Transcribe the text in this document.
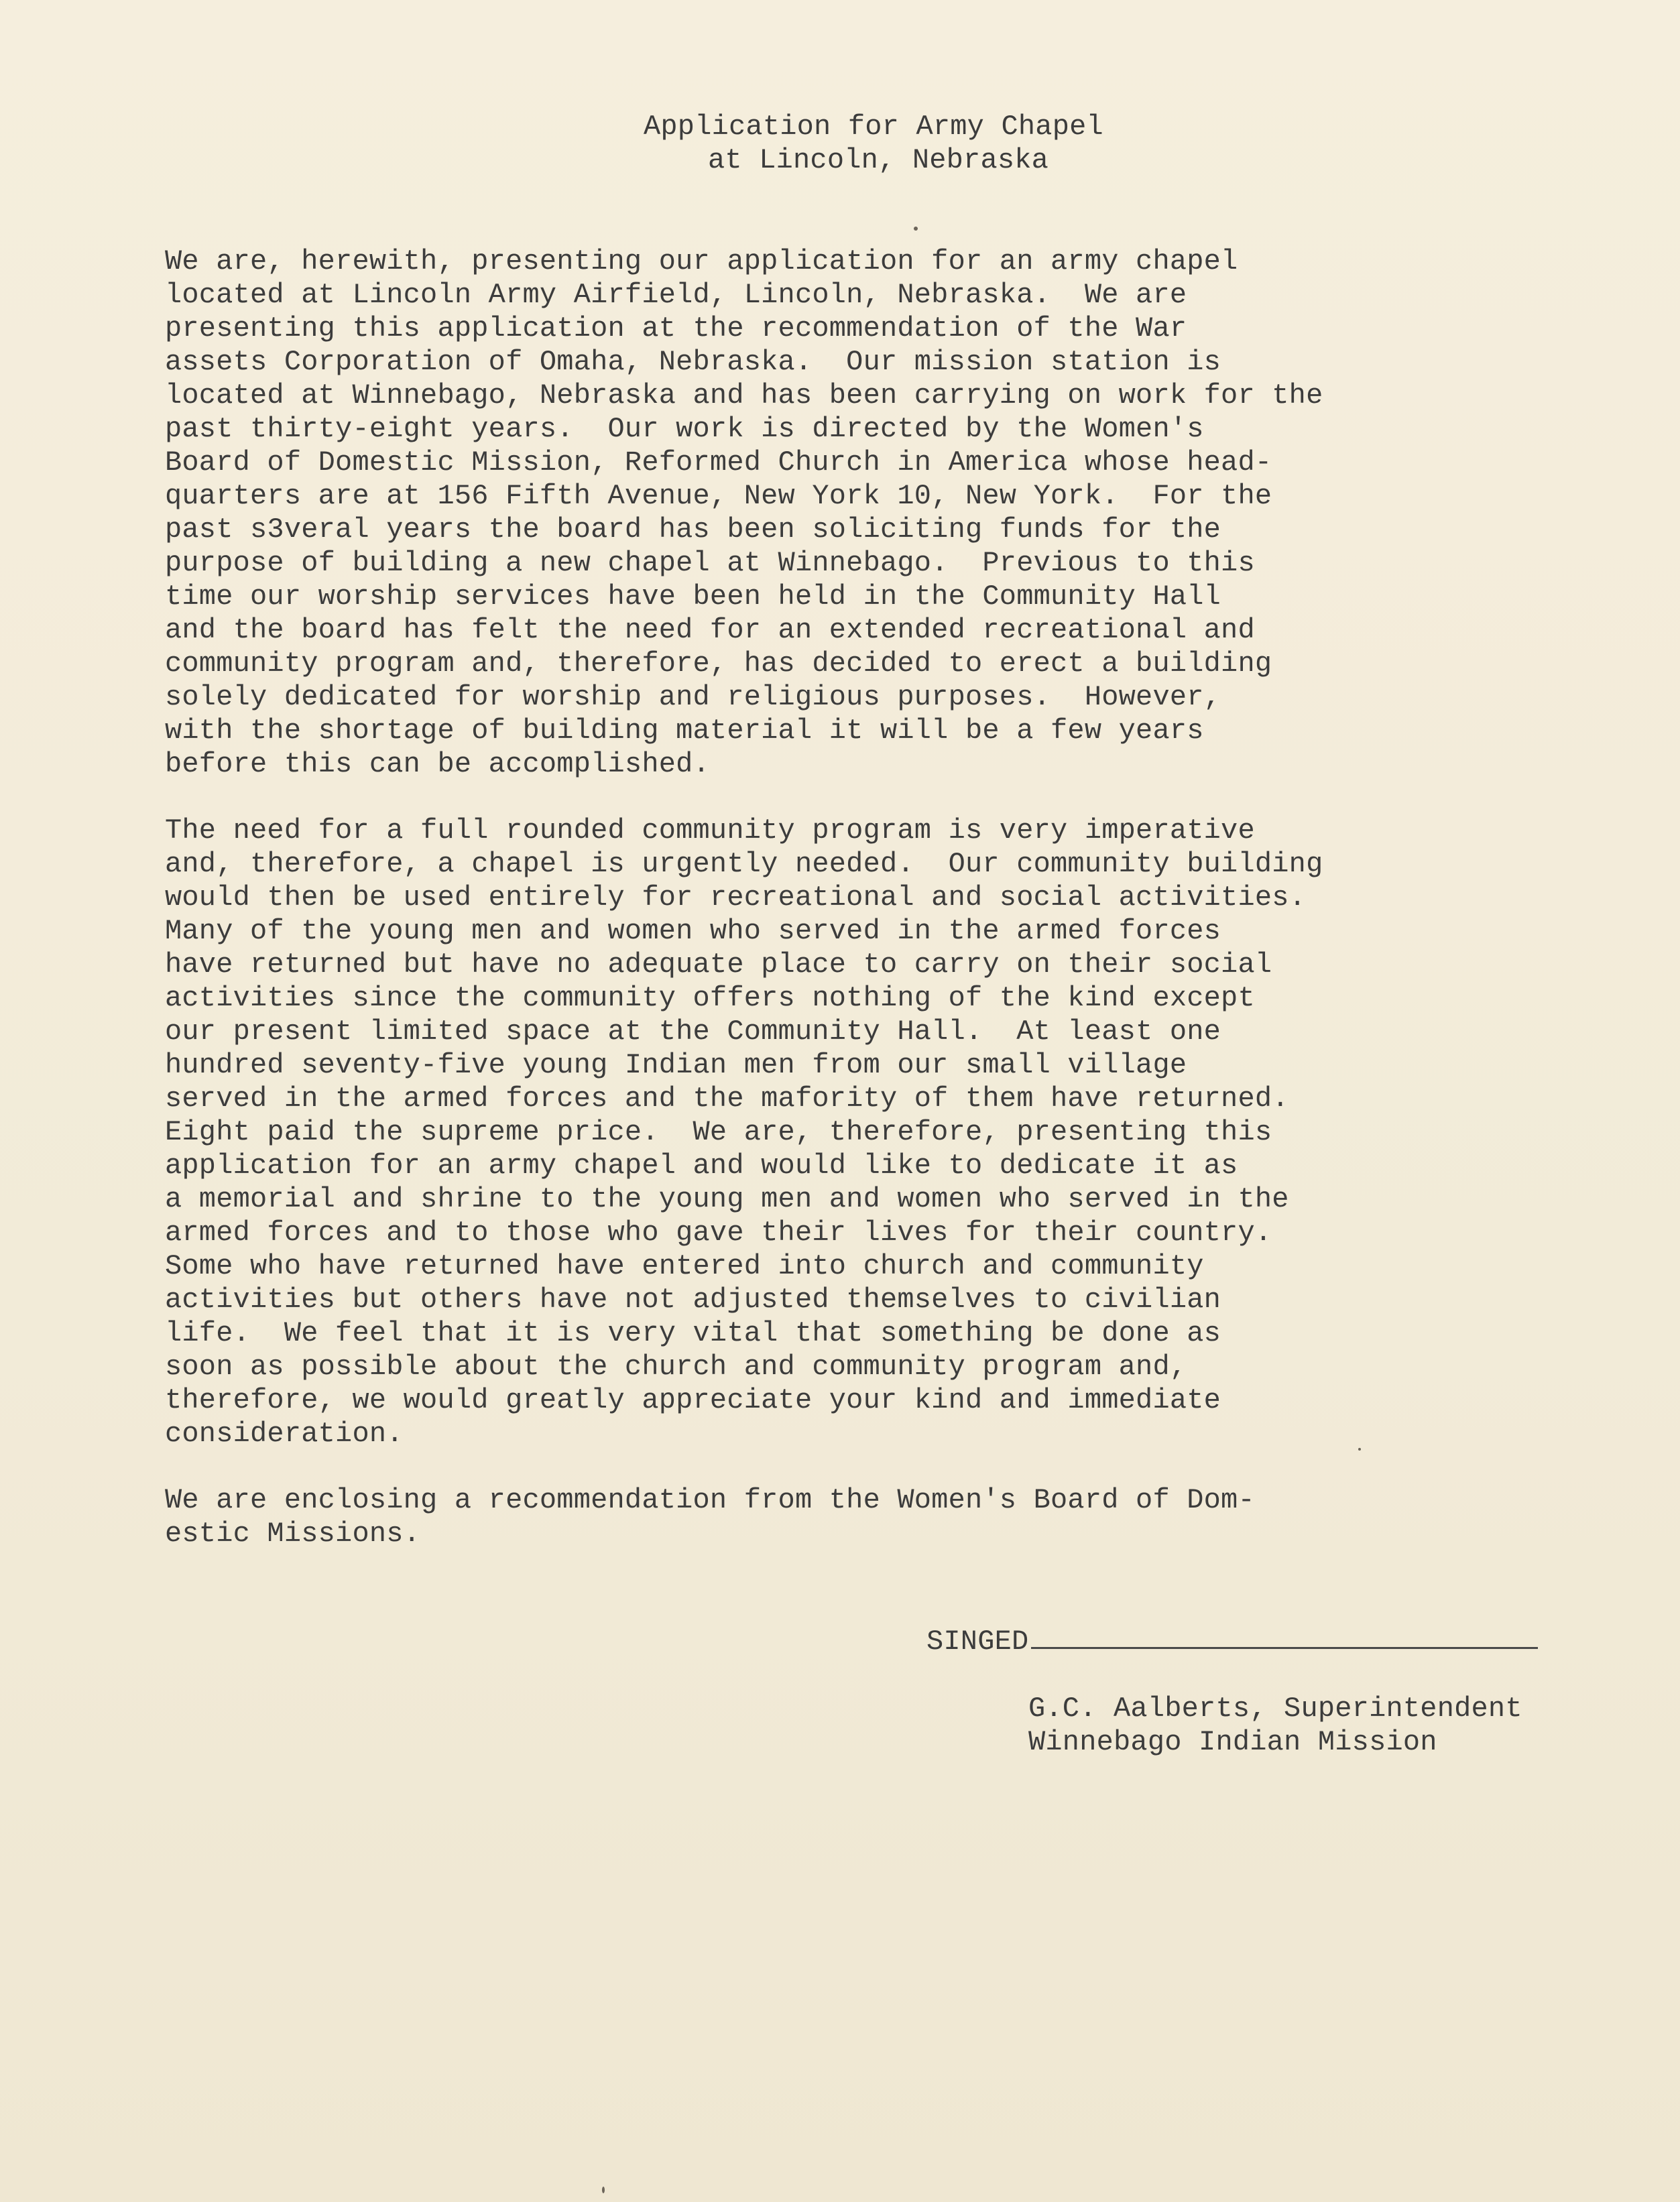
Application for Army Chapel
at Lincoln, Nebraska
We are, herewith, presenting our application for an army chapel
located at Lincoln Army Airfield, Lincoln, Nebraska.  We are
presenting this application at the recommendation of the War
assets Corporation of Omaha, Nebraska.  Our mission station is
located at Winnebago, Nebraska and has been carrying on work for the
past thirty-eight years.  Our work is directed by the Women's
Board of Domestic Mission, Reformed Church in America whose head-
quarters are at 156 Fifth Avenue, New York 10, New York.  For the
past s3veral years the board has been soliciting funds for the
purpose of building a new chapel at Winnebago.  Previous to this
time our worship services have been held in the Community Hall
and the board has felt the need for an extended recreational and
community program and, therefore, has decided to erect a building
solely dedicated for worship and religious purposes.  However,
with the shortage of building material it will be a few years
before this can be accomplished.
The need for a full rounded community program is very imperative
and, therefore, a chapel is urgently needed.  Our community building
would then be used entirely for recreational and social activities.
Many of the young men and women who served in the armed forces
have returned but have no adequate place to carry on their social
activities since the community offers nothing of the kind except
our present limited space at the Community Hall.  At least one
hundred seventy-five young Indian men from our small village
served in the armed forces and the mafority of them have returned.
Eight paid the supreme price.  We are, therefore, presenting this
application for an army chapel and would like to dedicate it as
a memorial and shrine to the young men and women who served in the
armed forces and to those who gave their lives for their country.
Some who have returned have entered into church and community
activities but others have not adjusted themselves to civilian
life.  We feel that it is very vital that something be done as
soon as possible about the church and community program and,
therefore, we would greatly appreciate your kind and immediate
consideration.
We are enclosing a recommendation from the Women's Board of Dom-
estic Missions.
SINGED
G.C. Aalberts, Superintendent
Winnebago Indian Mission
